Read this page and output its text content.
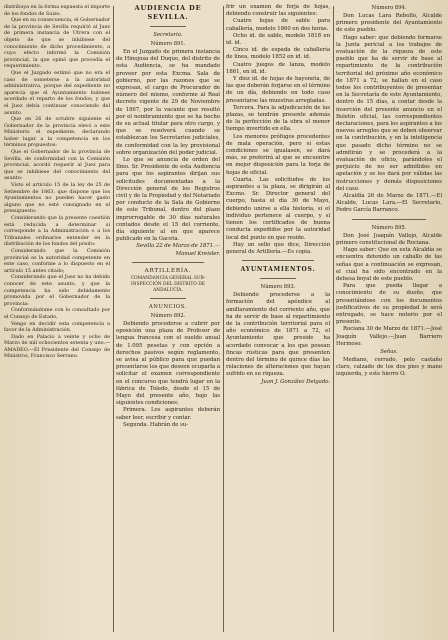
distribuya en la forma expuesta el importe de los fondos de Suizo.

Que en su consecuencia, el Gobernador de la provincia de Sevilla requirió al Juez de primera instancia de Utrera con el objeto de que se inhibiese del conocimiento de dicho procedimiento, a cuyo efecto informó la Comisión provincial, la que opinó que procedía el requerimiento.

Que el Juzgado estimó que no era el caso de someterse a la autoridad administrativa, porque del expediente no aparecía que el Ayuntamiento hubiese acordado el reparto de los fondos, y que el Juez debía continuar conociendo del asunto.

Que en 26 de octubre siguiente el Gobernador de la provincia elevó a este Ministerio el expediente, declarando haber lugar a la competencia en los términos propuestos:

Que el Gobernador de la provincia de Sevilla, de conformidad con la Comisión provincial, acordó requerir al Juez para que se inhibiese del conocimiento del asunto:

Visto el artículo 15 de la ley de 25 de Setiembre de 1863, que dispone que los Ayuntamientos no pueden hacer gasto alguno que no esté consignado en el presupuesto:

Considerando que la presente cuestión está reducida a determinar si corresponde a la Administración o a los Tribunales ordinarios entender en la distribución de los fondos del pósito:

Considerando que la Comisión provincial es la autoridad competente en este caso, conforme a lo dispuesto en el artículo 15 antes citado;

Considerando que el Juez no ha debido conocer de este asunto, y que la competencia ha sido debidamente promovida por el Gobernador de la provincia:

Conformándome con lo consultado por el Consejo de Estado,

Vengo en decidir esta competencia a favor de la Administración.

Dado en Palacio a veinte y ocho de Marzo de mil ochocientos setenta y uno.—AMADEO.—El Presidente del Consejo de Ministros, Francisco Serrano.

AUDIENCIA DE SEVILLA.
Secretaria.
Número 891.

En el Juzgado de primera instancia de Hinojosa del Duque, del distrito de esta Audiencia, se ha mandado proveer por esta Excma. Sala de gobierno, por las razones que se expresan, el cargo de Procurador de número del mismo, conforme al Real decreto vigente de 29 de Noviembre de 1867, por la vacante que resultó por el nombramiento que se ha hecho de su actual titular para otro cargo, y que se resolverá cuando se establezcan los Secretarios judiciales, de conformidad con la ley provisional sobre organización del poder judicial.

Lo que se anuncia de orden del Ilmo. Sr. Presidente de esta Audiencia para que los aspirantes dirijan sus solicitudes documentadas a la Dirección general de los Registros civil y de la Propiedad y del Notariado por conducto de la Sala de Gobierno de este Tribunal, dentro del plazo improrrogable de 30 días naturales contados desde el 15 del corriente, día siguiente al en que aparece publicado en la Gaceta.

Sevilla 22 de Marzo de 1871.—Manuel Kreisler.

ARTILLERÍA.
COMANDANCIA GENERAL SUB-INSPECCIÓN DEL DISTRITO DE ANDALUCÍA.
ANUNCIOS.
Número 892.

Debiendo procederse a cubrir por oposición una plaza de Profesor de lengua francesa con el sueldo anual de 1.095 pesetas y con opción a derechos pasivos según reglamento, se avisa al público para que puedan presentarse los que deseen ocuparla a solicitar el examen correspondiente en el concurso que tendrá lugar en la fábrica de Toledo, desde el 15 de Mayo del presente año, bajo las siguientes condiciones:

Primera. Los aspirantes deberán saber leer, escribir y contar.

Segunda. Habrán de su-

frir un examen de forja de hojas, debiendo construir las siguientes:

Cuatro hojas de sable para caballería, modelo 1860 en dos horas.

Ocho id. de sable, modelo 1818 en id. id.

Cinco id. de espada de caballería de línea, modelo 1852 en id. id.

Cuatro juegos de lanza, modelo 1861, en id. id.

Y diez id. de hojas de bayoneta, de las que deberán forjarse en el término de un día, debiendo en todo caso presentarse las muestras arregladas.

Tercera. Para la adjudicación de las plazas, se tendrán presente además de la perfección de la obra el menor tiempo invertido en ella.

Los menores prófugos procedentes de mala operación, pero si estas condiciones se igualasen, se dará más, se preferirá al que se encuentre en mejor disposición para la forja de hojas de oficial.

Cuarta. Las solicitudes de los aspirantes a la plaza, se dirigirán al Excmo. Sr. Director general del cuerpo, hasta el día 30 de Mayo, debiendo unirse a ella historia, si el individuo pertenece al cuerpo, y si tienen los certificados de buena conducta expedidos por la autoridad local del punto en que reside.

Hay un sello que dice, Dirección general de Artillería.—Es copia.

AYUNTAMIENTOS.
Número 893.

Debiendo procederse a la formación del apéndice al amillaramiento del corriente año, que ha de servir de base al repartimiento de la contribución territorial para el año económico de 1871 a 72, el Ayuntamiento que preside ha acordado convocar a los que posean fincas rústicas para que presenten dentro del término de quince días las relaciones de alteraciones que hayan sufrido en su riqueza.

Juan J. González Delgado.

Número 894.

Don Lucas Lara Rebollo, Alcalde primero presidente del Ayuntamiento de este pueblo.

Hago saber: que debiendo formarse la Junta pericial a los trabajos de evaluación de la riqueza de este pueblo que ha de servir de base al repartimiento de la contribución territorial del próximo año económico de 1871 a 72, se hallan en el caso todos los contribuyentes de presentar en la Secretaría de este Ayuntamiento, dentro de 15 días, a contar desde la inserción del presente anuncio en el Boletín oficial, las correspondientes declaraciones, para los aspirantes a los nuevos arreglos que se deben observar en la contribución, y en la inteligencia que pasado dicho término no se admitirán y se procederá a la evaluación de oficio, parándoles el perjuicio de no ser admitidos en apelación y se les dará por válidas las instrucciones y demás disposiciones del caso.

Alcaldía 26 de Marzo de 1871.—El Alcalde, Lucas Lara.—El Secretario, Pedro García Barranco.

Número 895.

Don José Joaquín Vallejo, Alcalde primero constitucional de Rociana.

Hago saber: Que en esta Alcaldía se encuentra detenido un caballo de las señas que a continuación se expresan, el cual ha sido encontrado en la dehesa boyal de este pueblo.

Para que pueda llegar a conocimiento de su dueño, que presentándose con los documentos justificativos de su propiedad le será entregado, se hace notorio por el presente.

Rociana 30 de Marzo de 1871.—José Joaquín Vallejo.—Juan Barriero Hermoso.

Señas.

Mediano, cerrado, pelo castaño claro, calzado de los dos pies y mano izquierda, y este hierro O.
